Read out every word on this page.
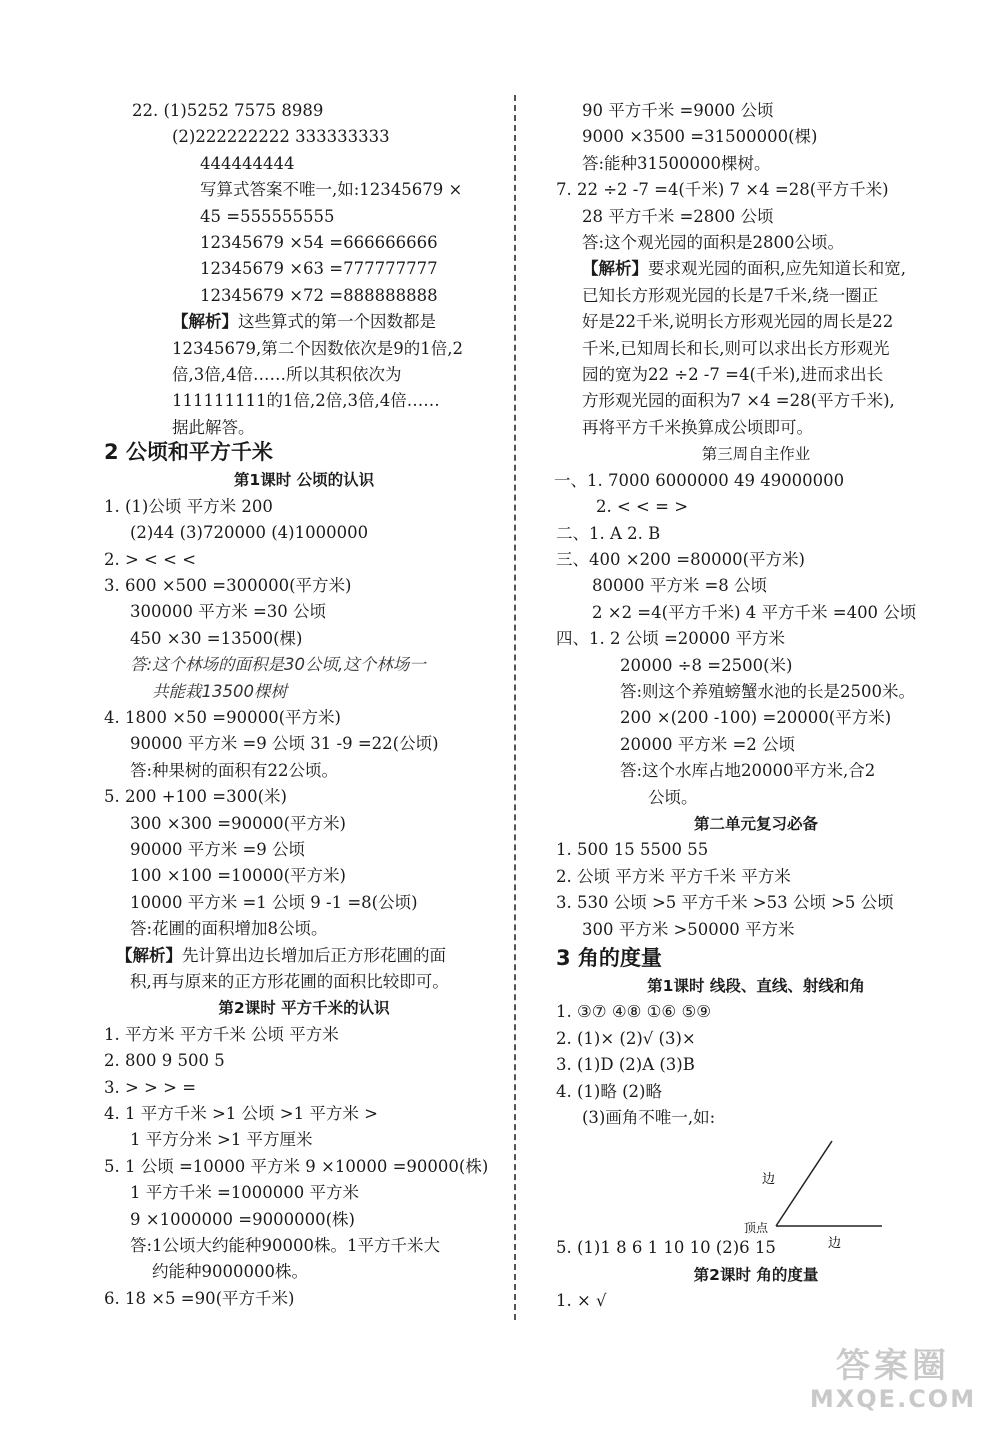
22. (1)5252 7575 8989
(2)222222222 333333333
444444444
写算式答案不唯一,如:12345679 ×
45 =555555555
12345679 ×54 =666666666
12345679 ×63 =777777777
12345679 ×72 =888888888
【解析】这些算式的第一个因数都是
12345679,第二个因数依次是9的1倍,2
倍,3倍,4倍……所以其积依次为
111111111的1倍,2倍,3倍,4倍……
据此解答。
2 公顷和平方千米
第1课时 公顷的认识
1. (1)公顷 平方米 200
(2)44 (3)720000 (4)1000000
2. > < < <
3. 600 ×500 =300000(平方米)
300000 平方米 =30 公顷
450 ×30 =13500(棵)
答:这个林场的面积是30公顷,这个林场一
共能栽13500棵树
4. 1800 ×50 =90000(平方米)
90000 平方米 =9 公顷 31 -9 =22(公顷)
答:种果树的面积有22公顷。
5. 200 +100 =300(米)
300 ×300 =90000(平方米)
90000 平方米 =9 公顷
100 ×100 =10000(平方米)
10000 平方米 =1 公顷 9 -1 =8(公顷)
答:花圃的面积增加8公顷。
【解析】先计算出边长增加后正方形花圃的面
积,再与原来的正方形花圃的面积比较即可。
第2课时 平方千米的认识
1. 平方米 平方千米 公顷 平方米
2. 800 9 500 5
3. > > > =
4. 1 平方千米 >1 公顷 >1 平方米 >
1 平方分米 >1 平方厘米
5. 1 公顷 =10000 平方米 9 ×10000 =90000(株)
1 平方千米 =1000000 平方米
9 ×1000000 =9000000(株)
答:1公顷大约能种90000株。1平方千米大
约能种9000000株。
6. 18 ×5 =90(平方千米)
90 平方千米 =9000 公顷
9000 ×3500 =31500000(棵)
答:能种31500000棵树。
7. 22 ÷2 -7 =4(千米) 7 ×4 =28(平方千米)
28 平方千米 =2800 公顷
答:这个观光园的面积是2800公顷。
【解析】要求观光园的面积,应先知道长和宽,
已知长方形观光园的长是7千米,绕一圈正
好是22千米,说明长方形观光园的周长是22
千米,已知周长和长,则可以求出长方形观光
园的宽为22 ÷2 -7 =4(千米),进而求出长
方形观光园的面积为7 ×4 =28(平方千米),
再将平方千米换算成公顷即可。
第三周自主作业
一、1. 7000 6000000 49 49000000
2. < < = >
二、1. A 2. B
三、400 ×200 =80000(平方米)
80000 平方米 =8 公顷
2 ×2 =4(平方千米) 4 平方千米 =400 公顷
四、1. 2 公顷 =20000 平方米
20000 ÷8 =2500(米)
答:则这个养殖螃蟹水池的长是2500米。
200 ×(200 -100) =20000(平方米)
20000 平方米 =2 公顷
答:这个水库占地20000平方米,合2
公顷。
第二单元复习必备
1. 500 15 5500 55
2. 公顷 平方米 平方千米 平方米
3. 530 公顷 >5 平方千米 >53 公顷 >5 公顷
300 平方米 >50000 平方米
3 角的度量
第1课时 线段、直线、射线和角
1. ③⑦ ④⑧ ①⑥ ⑤⑨
2. (1)× (2)√ (3)×
3. (1)D (2)A (3)B
4. (1)略 (2)略
(3)画角不唯一,如:
边
顶点
边
5. (1)1 8 6 1 10 10 (2)6 15
第2课时 角的度量
1. × √
答案圈
MXQE.COM
